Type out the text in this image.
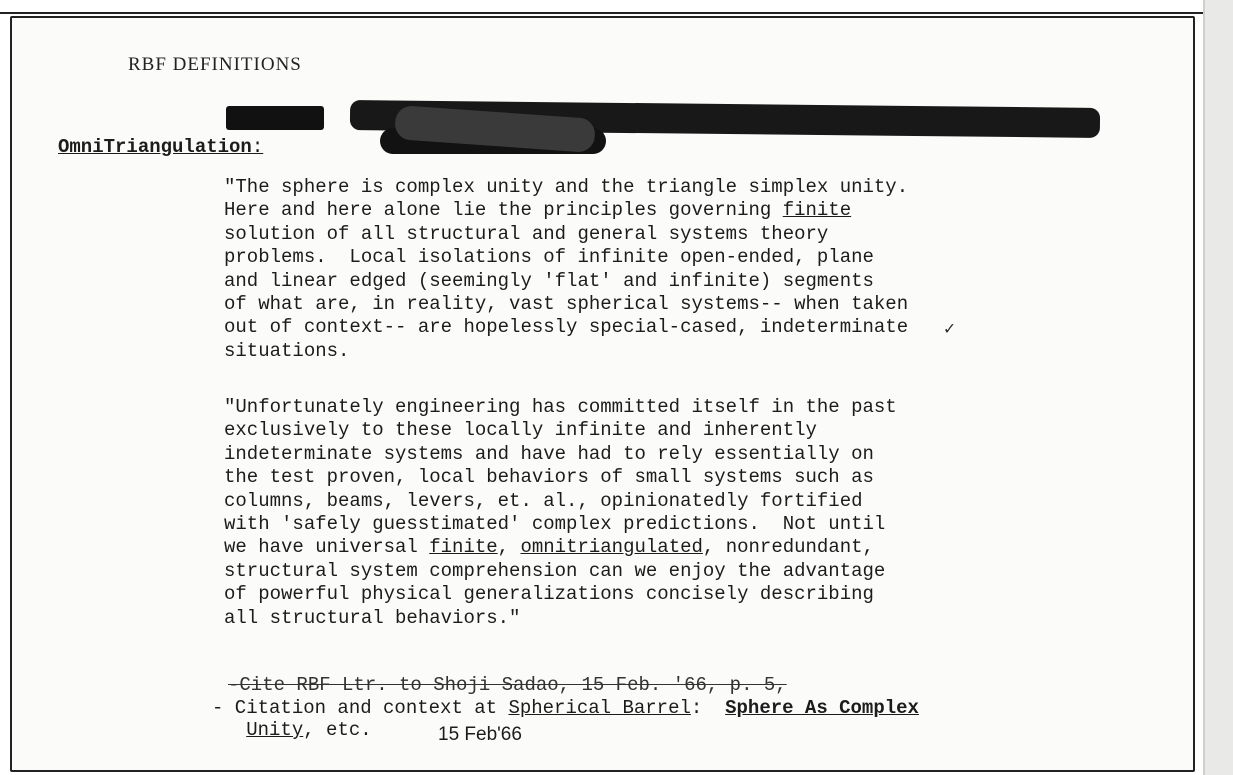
RBF DEFINITIONS
OmniTriangulation:
"The sphere is complex unity and the triangle simplex unity.
Here and here alone lie the principles governing finite
solution of all structural and general systems theory
problems.  Local isolations of infinite open-ended, plane
and linear edged (seemingly 'flat' and infinite) segments
of what are, in reality, vast spherical systems-- when taken
out of context-- are hopelessly special-cased, indeterminate
situations.
"Unfortunately engineering has committed itself in the past
exclusively to these locally infinite and inherently
indeterminate systems and have had to rely essentially on
the test proven, local behaviors of small systems such as
columns, beams, levers, et. al., opinionatedly fortified
with 'safely guesstimated' complex predictions.  Not until
we have universal finite, omnitriangulated, nonredundant,
structural system comprehension can we enjoy the advantage
of powerful physical generalizations concisely describing
all structural behaviors."
-Cite RBF Ltr. to Shoji Sadao, 15 Feb. '66, p. 5,
- Citation and context at Spherical Barrel:  Sphere As Complex
Unity, etc.	15 Feb'66
✓
